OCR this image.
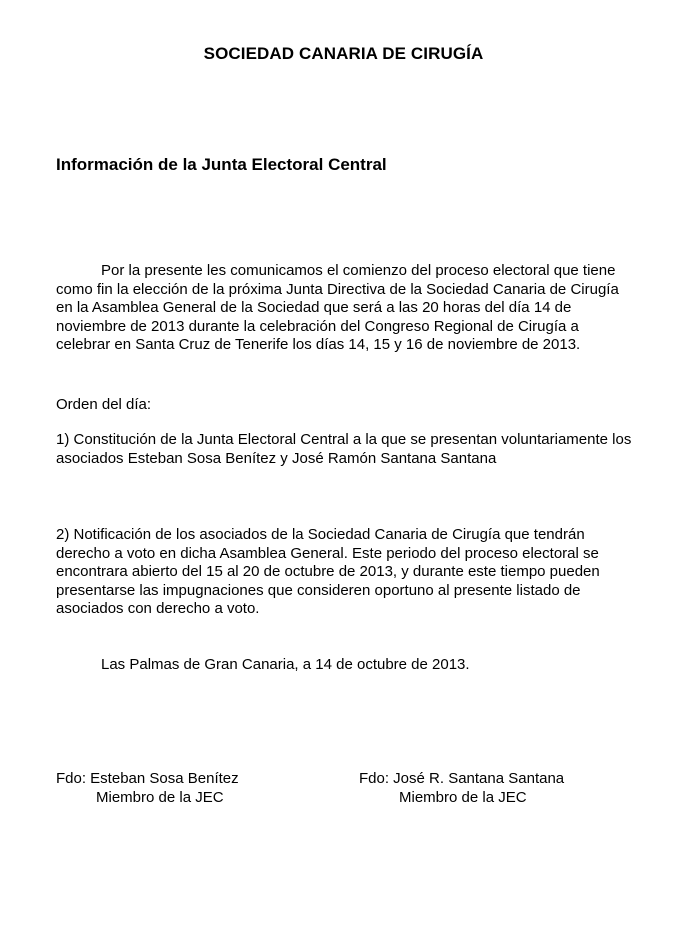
SOCIEDAD CANARIA DE CIRUGÍA
Información de la Junta Electoral Central

Por la presente les comunicamos el comienzo del proceso electoral que tiene como fin la elección de la próxima Junta Directiva de la Sociedad Canaria de Cirugía en la Asamblea General de la Sociedad que será a las 20 horas del día 14 de noviembre de 2013 durante la celebración del Congreso Regional de Cirugía a celebrar en Santa Cruz de Tenerife los días 14, 15 y 16 de noviembre de 2013.

Orden del día:

1) Constitución de la Junta Electoral Central a la que se presentan voluntariamente los asociados Esteban Sosa Benítez y José Ramón Santana Santana

2) Notificación de los asociados de la Sociedad Canaria de Cirugía que tendrán derecho a voto en dicha Asamblea General. Este periodo del proceso electoral se encontrara abierto del 15 al 20 de octubre de 2013, y durante este tiempo pueden presentarse las impugnaciones que consideren oportuno al presente listado de asociados con derecho a voto.

Las Palmas de Gran Canaria, a 14 de octubre de 2013.
Fdo: Esteban Sosa Benítez
Miembro de la JEC
Fdo: José R. Santana Santana
Miembro de la JEC
